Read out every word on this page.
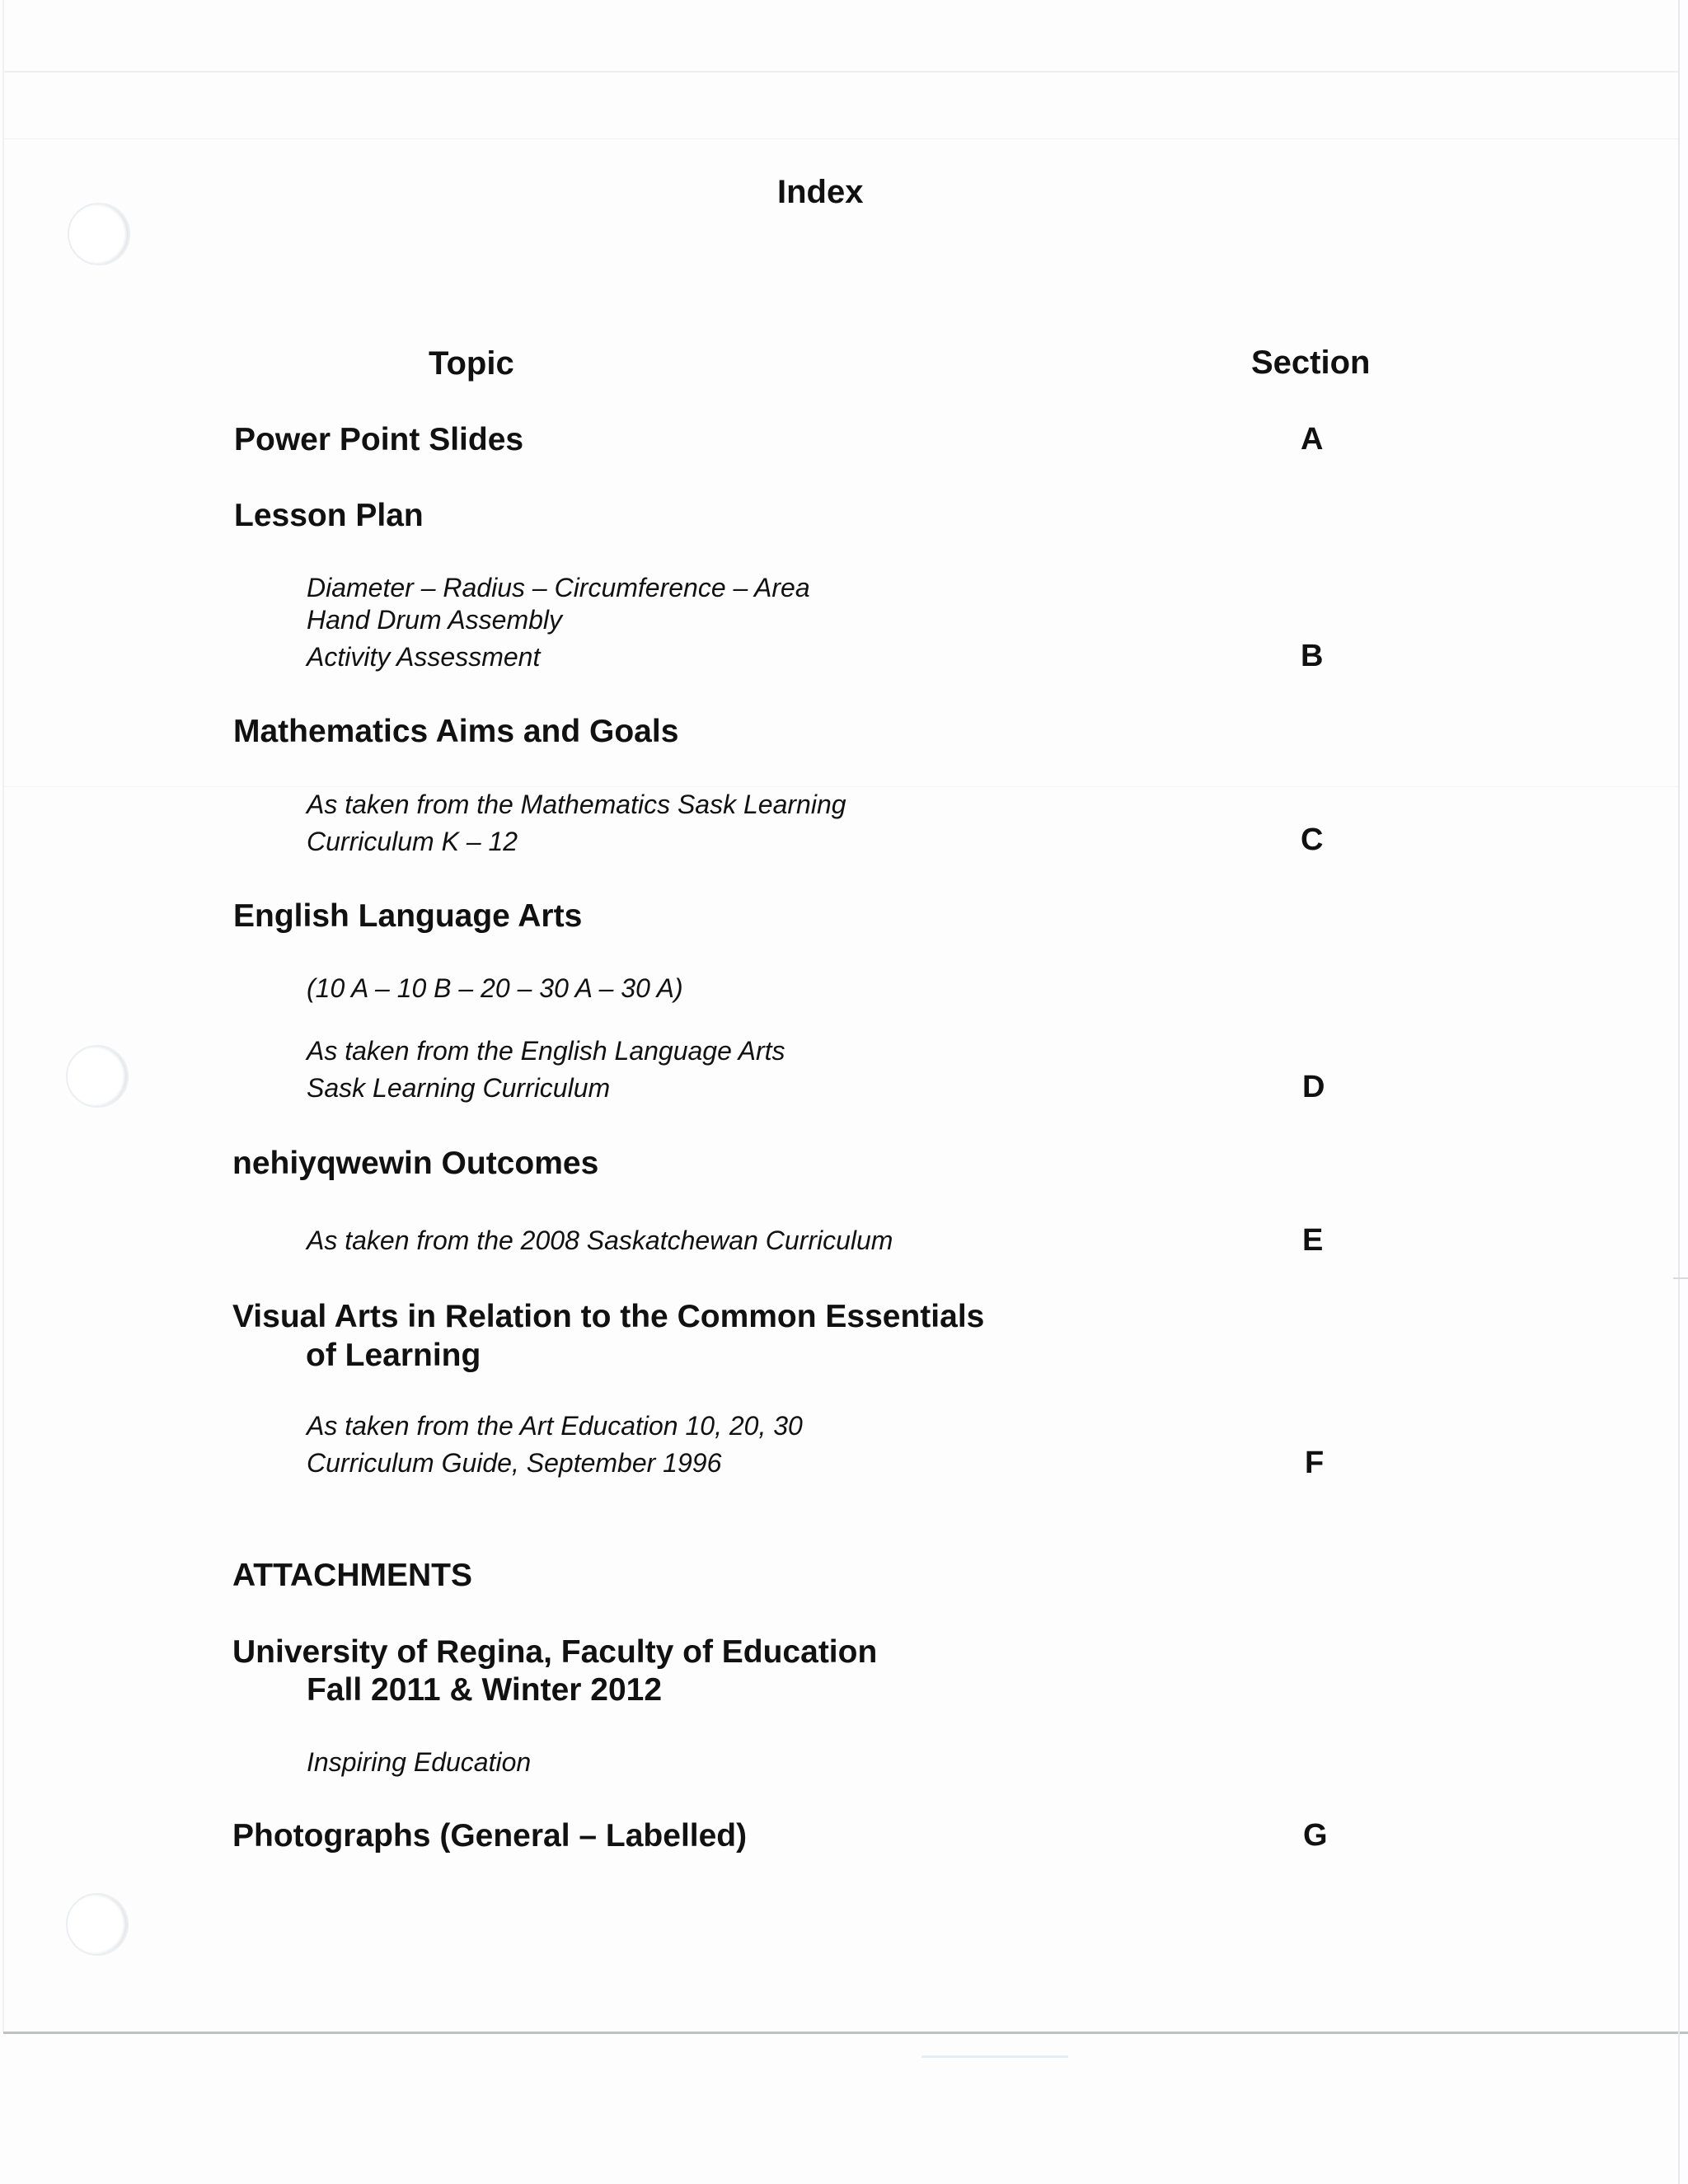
Index
Topic	Section
Power Point Slides	A
Lesson Plan
Diameter – Radius – Circumference – Area
Hand Drum Assembly
Activity Assessment	B
Mathematics Aims and Goals
As taken from the Mathematics Sask Learning
Curriculum K – 12	C
English Language Arts
(10 A – 10 B – 20 – 30 A – 30 A)
As taken from the English Language Arts
Sask Learning Curriculum	D
nehiyqwewin Outcomes
As taken from the 2008 Saskatchewan Curriculum	E
Visual Arts in Relation to the Common Essentials
of Learning
As taken from the Art Education 10, 20, 30
Curriculum Guide, September 1996	F
ATTACHMENTS
University of Regina, Faculty of Education
Fall 2011 & Winter 2012
Inspiring Education
Photographs (General – Labelled)	G
